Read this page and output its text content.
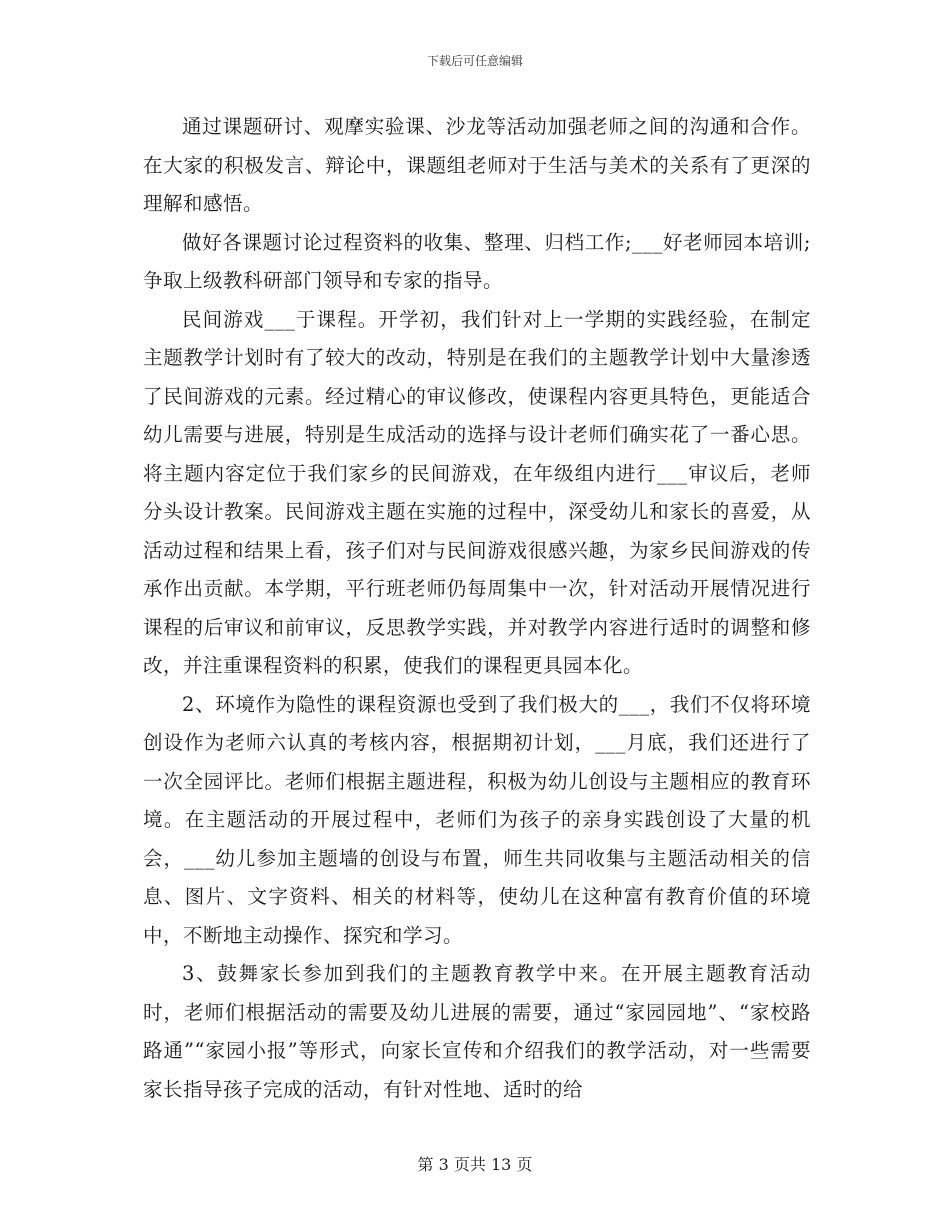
下载后可任意编辑

通过课题研讨、观摩实验课、沙龙等活动加强老师之间的沟通和合作。在大家的积极发言、辩论中，课题组老师对于生活与美术的关系有了更深的理解和感悟。

做好各课题讨论过程资料的收集、整理、归档工作;___好老师园本培训;争取上级教科研部门领导和专家的指导。

民间游戏___于课程。开学初，我们针对上一学期的实践经验，在制定主题教学计划时有了较大的改动，特别是在我们的主题教学计划中大量渗透了民间游戏的元素。经过精心的审议修改，使课程内容更具特色，更能适合幼儿需要与进展，特别是生成活动的选择与设计老师们确实花了一番心思。将主题内容定位于我们家乡的民间游戏，在年级组内进行___审议后，老师分头设计教案。民间游戏主题在实施的过程中，深受幼儿和家长的喜爱，从活动过程和结果上看，孩子们对与民间游戏很感兴趣，为家乡民间游戏的传承作出贡献。本学期，平行班老师仍每周集中一次，针对活动开展情况进行课程的后审议和前审议，反思教学实践，并对教学内容进行适时的调整和修改，并注重课程资料的积累，使我们的课程更具园本化。

2、环境作为隐性的课程资源也受到了我们极大的___，我们不仅将环境创设作为老师六认真的考核内容，根据期初计划，___月底，我们还进行了一次全园评比。老师们根据主题进程，积极为幼儿创设与主题相应的教育环境。在主题活动的开展过程中，老师们为孩子的亲身实践创设了大量的机会，___幼儿参加主题墙的创设与布置，师生共同收集与主题活动相关的信息、图片、文字资料、相关的材料等，使幼儿在这种富有教育价值的环境中，不断地主动操作、探究和学习。

3、鼓舞家长参加到我们的主题教育教学中来。在开展主题教育活动时，老师们根据活动的需要及幼儿进展的需要，通过“家园园地”、“家校路路通”“家园小报”等形式，向家长宣传和介绍我们的教学活动，对一些需要家长指导孩子完成的活动，有针对性地、适时的给

第 3 页共 13 页
